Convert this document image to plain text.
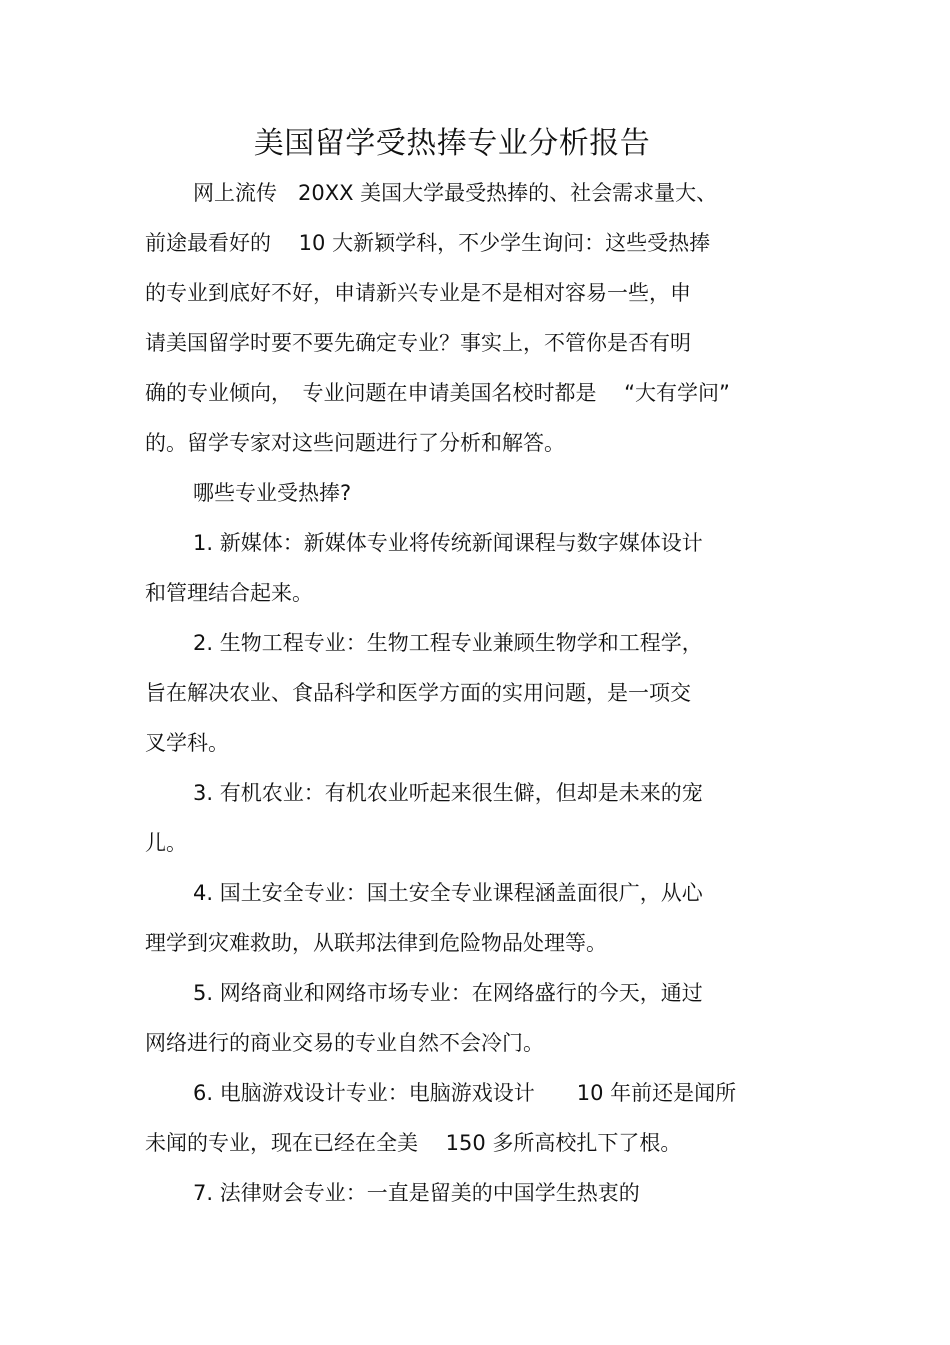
美国留学受热捧专业分析报告
网上流传　20XX 美国大学最受热捧的、社会需求量大、
前途最看好的　 10 大新颖学科，不少学生询问：这些受热捧
的专业到底好不好，申请新兴专业是不是相对容易一些，申
请美国留学时要不要先确定专业？事实上，不管你是否有明
确的专业倾向，　专业问题在申请美国名校时都是　 “大有学问”
的。留学专家对这些问题进行了分析和解答。
哪些专业受热捧?
1. 新媒体：新媒体专业将传统新闻课程与数字媒体设计
和管理结合起来。
2. 生物工程专业：生物工程专业兼顾生物学和工程学，
旨在解决农业、食品科学和医学方面的实用问题，是一项交
叉学科。
3. 有机农业：有机农业听起来很生僻，但却是未来的宠
儿。
4. 国土安全专业：国土安全专业课程涵盖面很广，从心
理学到灾难救助，从联邦法律到危险物品处理等。
5. 网络商业和网络市场专业：在网络盛行的今天，通过
网络进行的商业交易的专业自然不会冷门。
6. 电脑游戏设计专业：电脑游戏设计　　10 年前还是闻所
未闻的专业，现在已经在全美　 150 多所高校扎下了根。
7. 法律财会专业：一直是留美的中国学生热衷的
